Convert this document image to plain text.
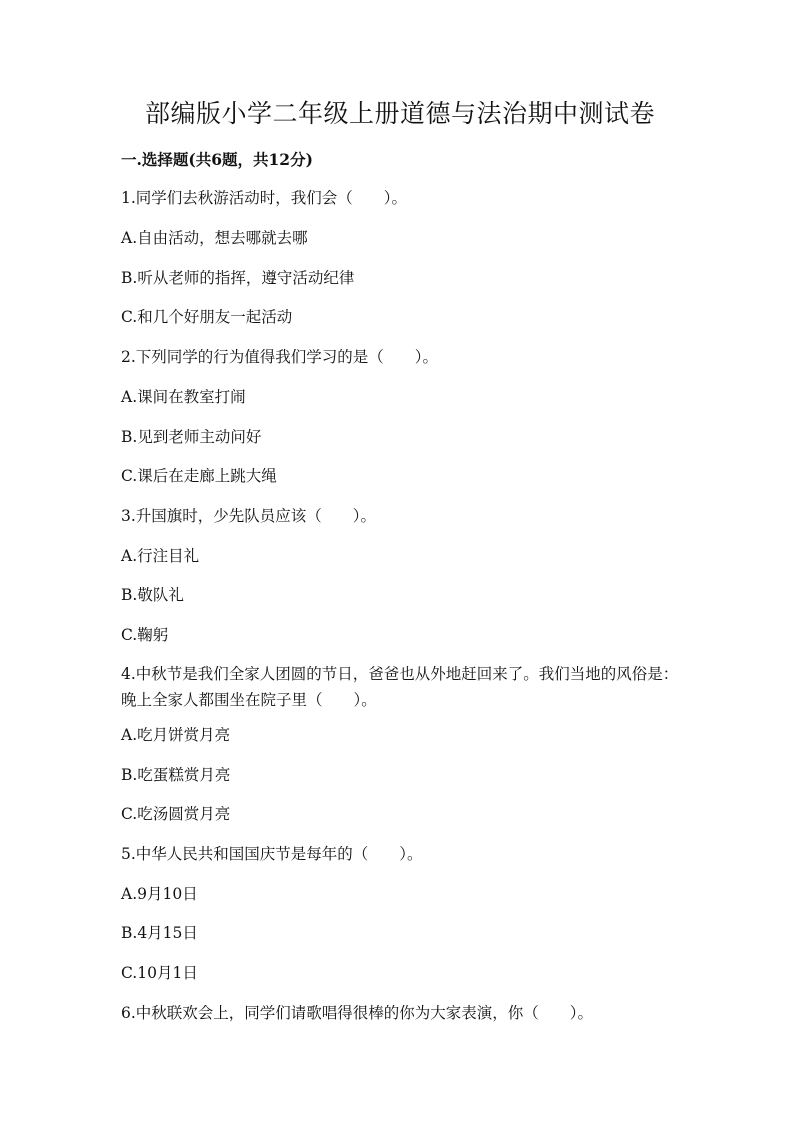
部编版小学二年级上册道德与法治期中测试卷
一.选择题(共6题，共12分)

1.同学们去秋游活动时，我们会（　　）。

A.自由活动，想去哪就去哪

B.听从老师的指挥，遵守活动纪律

C.和几个好朋友一起活动

2.下列同学的行为值得我们学习的是（　　）。

A.课间在教室打闹

B.见到老师主动问好

C.课后在走廊上跳大绳

3.升国旗时，少先队员应该（　　）。

A.行注目礼

B.敬队礼

C.鞠躬

4.中秋节是我们全家人团圆的节日，爸爸也从外地赶回来了。我们当地的风俗是：晚上全家人都围坐在院子里（　　）。

A.吃月饼赏月亮

B.吃蛋糕赏月亮

C.吃汤圆赏月亮

5.中华人民共和国国庆节是每年的（　　）。

A.9月10日

B.4月15日

C.10月1日

6.中秋联欢会上，同学们请歌唱得很棒的你为大家表演，你（　　）。
